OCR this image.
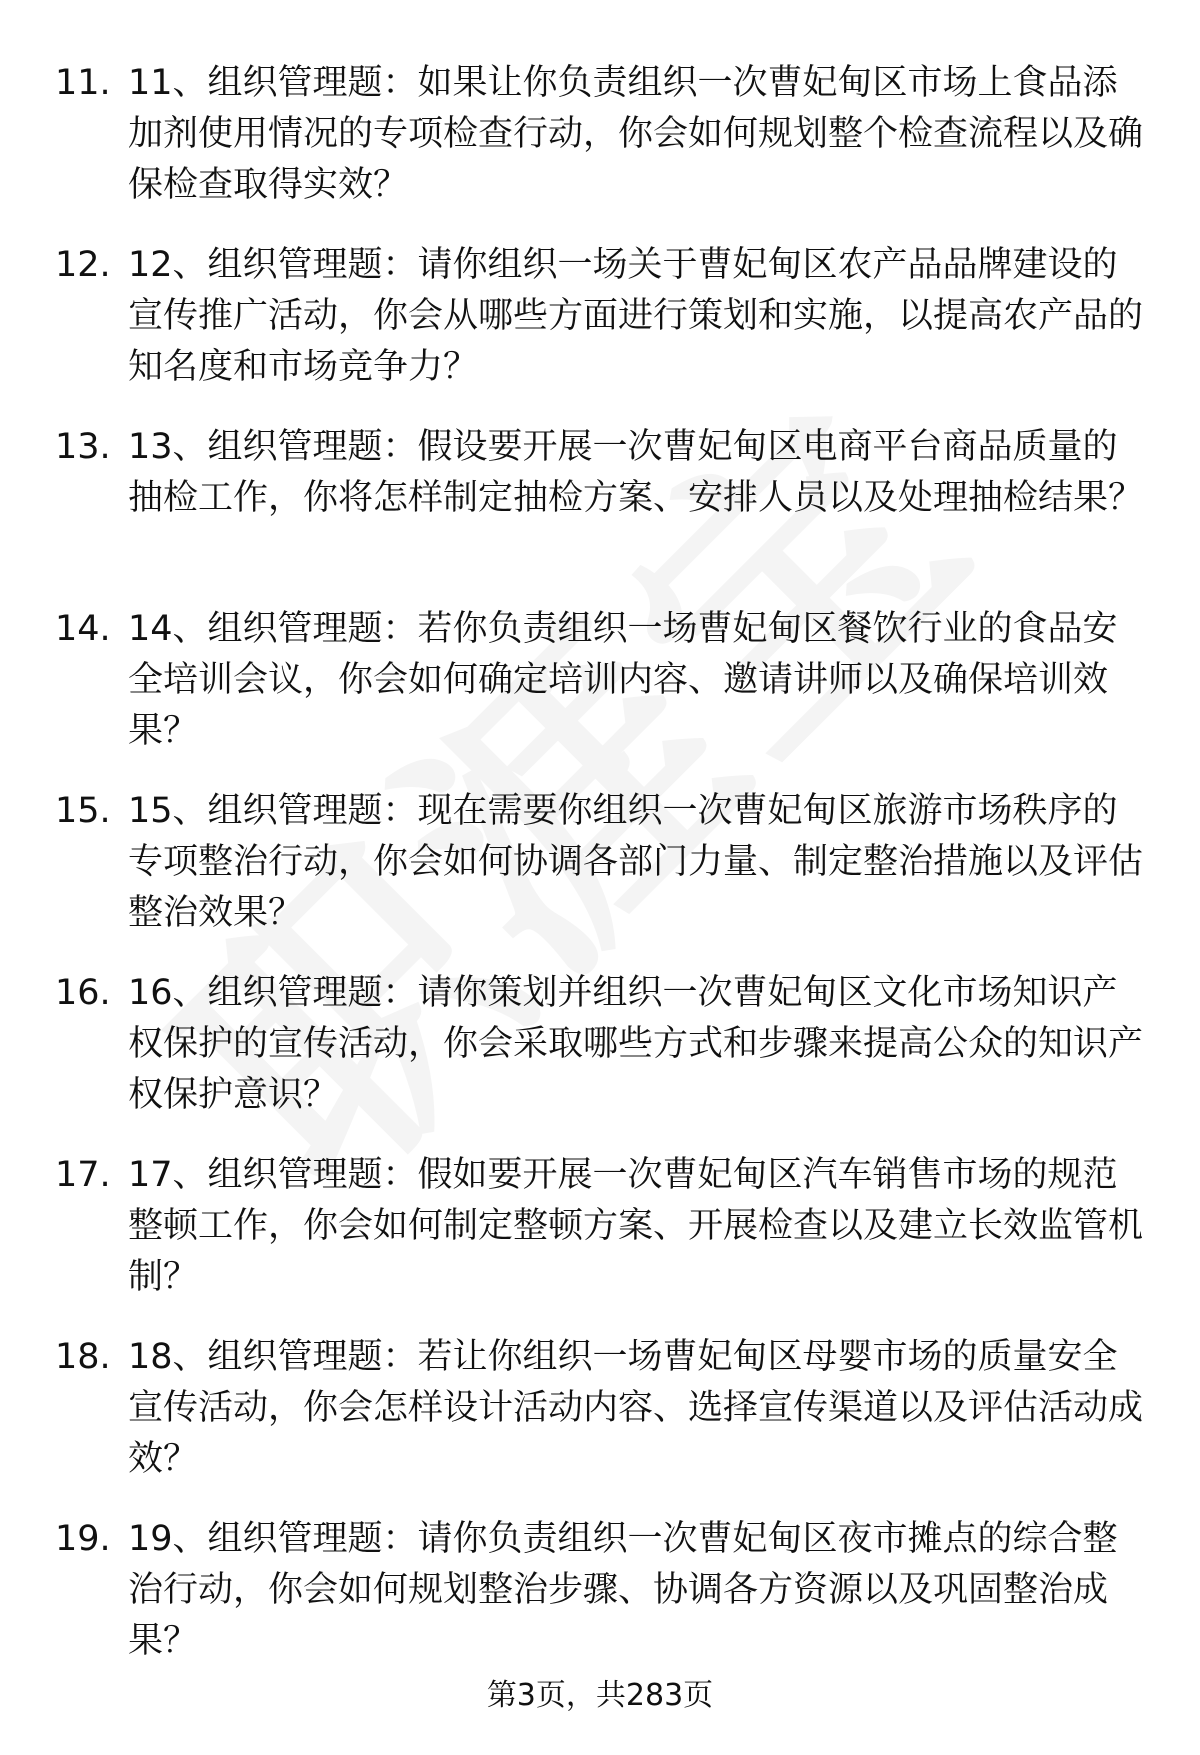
11. 11、组织管理题：如果让你负责组织一次曹妃甸区市场上食品添加剂使用情况的专项检查行动，你会如何规划整个检查流程以及确保检查取得实效？
12. 12、组织管理题：请你组织一场关于曹妃甸区农产品品牌建设的宣传推广活动，你会从哪些方面进行策划和实施，以提高农产品的知名度和市场竞争力？
13. 13、组织管理题：假设要开展一次曹妃甸区电商平台商品质量的抽检工作，你将怎样制定抽检方案、安排人员以及处理抽检结果？
14. 14、组织管理题：若你负责组织一场曹妃甸区餐饮行业的食品安全培训会议，你会如何确定培训内容、邀请讲师以及确保培训效果？
15. 15、组织管理题：现在需要你组织一次曹妃甸区旅游市场秩序的专项整治行动，你会如何协调各部门力量、制定整治措施以及评估整治效果？
16. 16、组织管理题：请你策划并组织一次曹妃甸区文化市场知识产权保护的宣传活动，你会采取哪些方式和步骤来提高公众的知识产权保护意识？
17. 17、组织管理题：假如要开展一次曹妃甸区汽车销售市场的规范整顿工作，你会如何制定整顿方案、开展检查以及建立长效监管机制？
18. 18、组织管理题：若让你组织一场曹妃甸区母婴市场的质量安全宣传活动，你会怎样设计活动内容、选择宣传渠道以及评估活动成效？
19. 19、组织管理题：请你负责组织一次曹妃甸区夜市摊点的综合整治行动，你会如何规划整治步骤、协调各方资源以及巩固整治成果？
第3页，共283页
